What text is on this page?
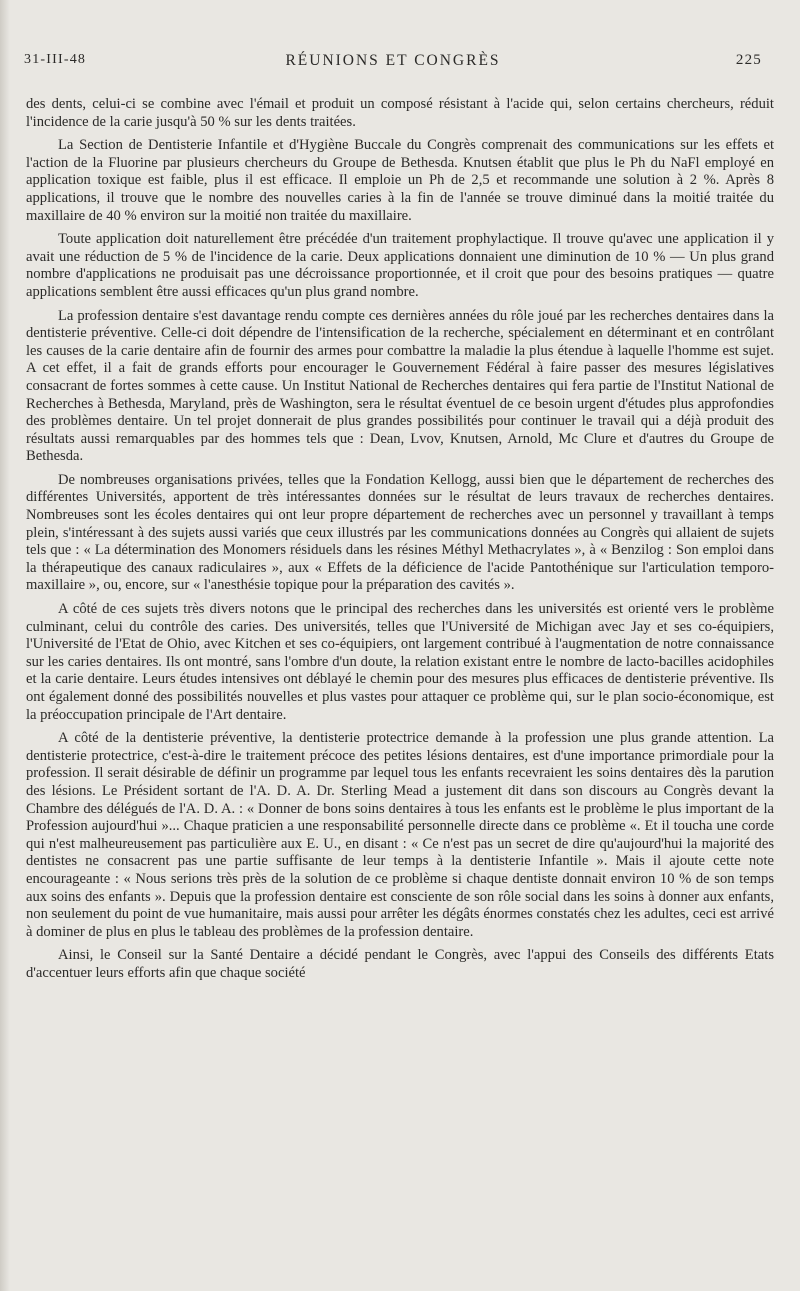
31-III-48	RÉUNIONS ET CONGRÈS	225

des dents, celui-ci se combine avec l'émail et produit un composé résistant à l'acide qui, selon certains chercheurs, réduit l'incidence de la carie jusqu'à 50 % sur les dents traitées.

La Section de Dentisterie Infantile et d'Hygiène Buccale du Congrès comprenait des communications sur les effets et l'action de la Fluorine par plusieurs chercheurs du Groupe de Bethesda. Knutsen établit que plus le Ph du NaFl employé en application toxique est faible, plus il est efficace. Il emploie un Ph de 2,5 et recommande une solution à 2 %. Après 8 applications, il trouve que le nombre des nouvelles caries à la fin de l'année se trouve diminué dans la moitié traitée du maxillaire de 40 % environ sur la moitié non traitée du maxillaire.

Toute application doit naturellement être précédée d'un traitement prophylactique. Il trouve qu'avec une application il y avait une réduction de 5 % de l'incidence de la carie. Deux applications donnaient une diminution de 10 % — Un plus grand nombre d'applications ne produisait pas une décroissance proportionnée, et il croit que pour des besoins pratiques — quatre applications semblent être aussi efficaces qu'un plus grand nombre.

La profession dentaire s'est davantage rendu compte ces dernières années du rôle joué par les recherches dentaires dans la dentisterie préventive. Celle-ci doit dépendre de l'intensification de la recherche, spécialement en déterminant et en contrôlant les causes de la carie dentaire afin de fournir des armes pour combattre la maladie la plus étendue à laquelle l'homme est sujet. A cet effet, il a fait de grands efforts pour encourager le Gouvernement Fédéral à faire passer des mesures législatives consacrant de fortes sommes à cette cause. Un Institut National de Recherches dentaires qui fera partie de l'Institut National de Recherches à Bethesda, Maryland, près de Washington, sera le résultat éventuel de ce besoin urgent d'études plus approfondies des problèmes dentaire. Un tel projet donnerait de plus grandes possibilités pour continuer le travail qui a déjà produit des résultats aussi remarquables par des hommes tels que : Dean, Lvov, Knutsen, Arnold, Mc Clure et d'autres du Groupe de Bethesda.

De nombreuses organisations privées, telles que la Fondation Kellogg, aussi bien que le département de recherches des différentes Universités, apportent de très intéressantes données sur le résultat de leurs travaux de recherches dentaires. Nombreuses sont les écoles dentaires qui ont leur propre département de recherches avec un personnel y travaillant à temps plein, s'intéressant à des sujets aussi variés que ceux illustrés par les communications données au Congrès qui allaient de sujets tels que : « La détermination des Monomers résiduels dans les résines Méthyl Methacrylates », à « Benzilog : Son emploi dans la thérapeutique des canaux radiculaires », aux « Effets de la déficience de l'acide Pantothénique sur l'articulation temporo-maxillaire », ou, encore, sur « l'anesthésie topique pour la préparation des cavités ».

A côté de ces sujets très divers notons que le principal des recherches dans les universités est orienté vers le problème culminant, celui du contrôle des caries. Des universités, telles que l'Université de Michigan avec Jay et ses co-équipiers, l'Université de l'Etat de Ohio, avec Kitchen et ses co-équipiers, ont largement contribué à l'augmentation de notre connaissance sur les caries dentaires. Ils ont montré, sans l'ombre d'un doute, la relation existant entre le nombre de lacto-bacilles acidophiles et la carie dentaire. Leurs études intensives ont déblayé le chemin pour des mesures plus efficaces de dentisterie préventive. Ils ont également donné des possibilités nouvelles et plus vastes pour attaquer ce problème qui, sur le plan socio-économique, est la préoccupation principale de l'Art dentaire.

A côté de la dentisterie préventive, la dentisterie protectrice demande à la profession une plus grande attention. La dentisterie protectrice, c'est-à-dire le traitement précoce des petites lésions dentaires, est d'une importance primordiale pour la profession. Il serait désirable de définir un programme par lequel tous les enfants recevraient les soins dentaires dès la parution des lésions. Le Président sortant de l'A. D. A. Dr. Sterling Mead a justement dit dans son discours au Congrès devant la Chambre des délégués de l'A. D. A. : « Donner de bons soins dentaires à tous les enfants est le problème le plus important de la Profession aujourd'hui »... Chaque praticien a une responsabilité personnelle directe dans ce problème «. Et il toucha une corde qui n'est malheureusement pas particulière aux E. U., en disant : « Ce n'est pas un secret de dire qu'aujourd'hui la majorité des dentistes ne consacrent pas une partie suffisante de leur temps à la dentisterie Infantile ». Mais il ajoute cette note encourageante : « Nous serions très près de la solution de ce problème si chaque dentiste donnait environ 10 % de son temps aux soins des enfants ». Depuis que la profession dentaire est consciente de son rôle social dans les soins à donner aux enfants, non seulement du point de vue humanitaire, mais aussi pour arrêter les dégâts énormes constatés chez les adultes, ceci est arrivé à dominer de plus en plus le tableau des problèmes de la profession dentaire.

Ainsi, le Conseil sur la Santé Dentaire a décidé pendant le Congrès, avec l'appui des Conseils des différents Etats d'accentuer leurs efforts afin que chaque société
